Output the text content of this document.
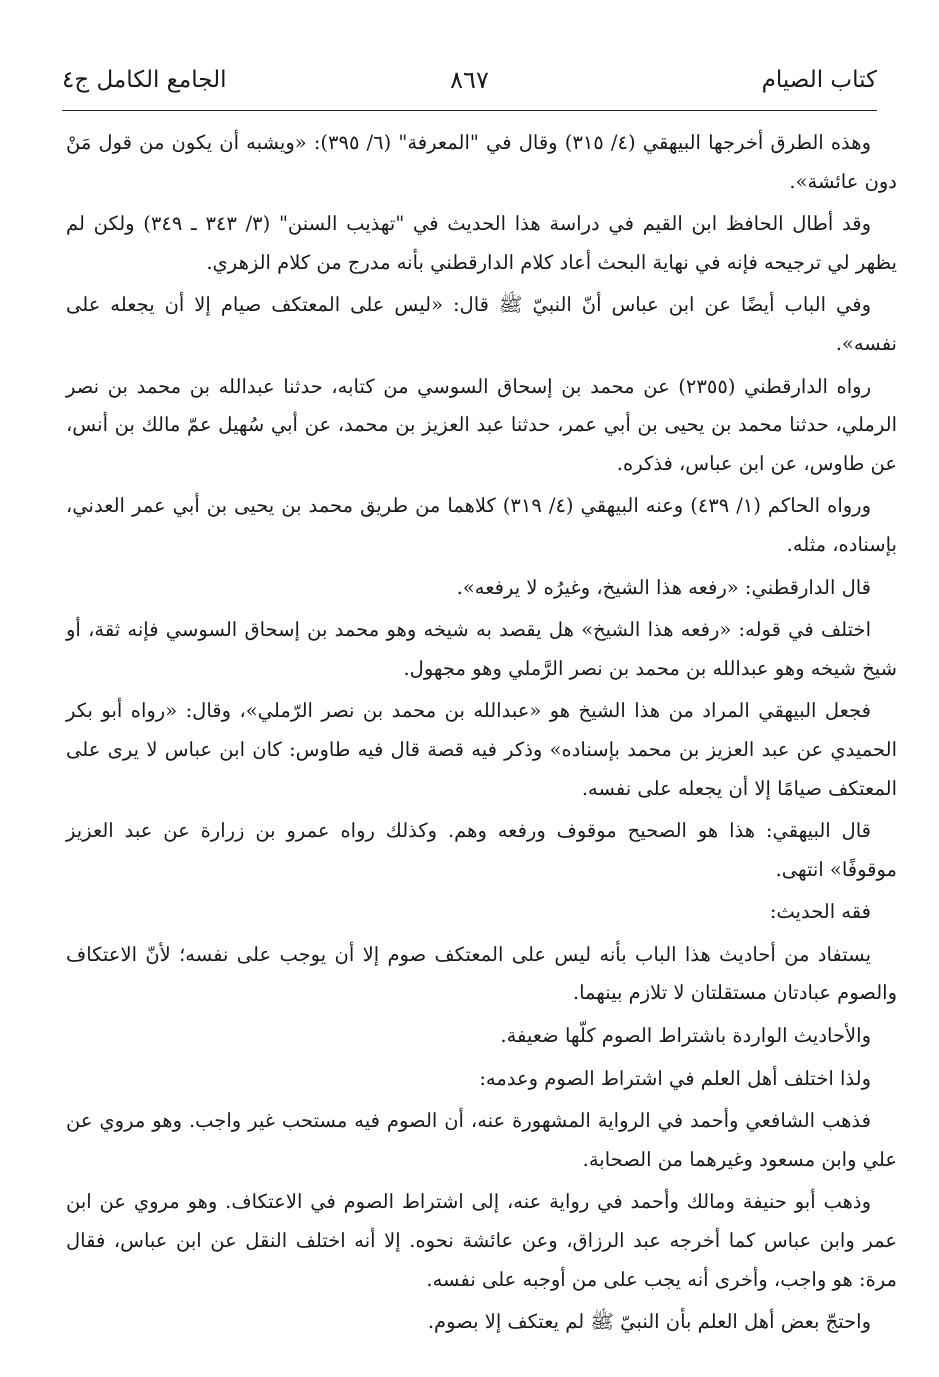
كتاب الصيام
٨٦٧
الجامع الكامل ج٤

وهذه الطرق أخرجها البيهقي (٤/ ٣١٥) وقال في "المعرفة" (٦/ ٣٩٥): «ويشبه أن يكون من قول مَنْ دون عائشة».

وقد أطال الحافظ ابن القيم في دراسة هذا الحديث في "تهذيب السنن" (٣/ ٣٤٣ ـ ٣٤٩) ولكن لم يظهر لي ترجيحه فإنه في نهاية البحث أعاد كلام الدارقطني بأنه مدرج من كلام الزهري.

وفي الباب أيضًا عن ابن عباس أنّ النبيّ ﷺ قال: «ليس على المعتكف صيام إلا أن يجعله على نفسه».

رواه الدارقطني (٢٣٥٥) عن محمد بن إسحاق السوسي من كتابه، حدثنا عبدالله بن محمد بن نصر الرملي، حدثنا محمد بن يحيى بن أبي عمر، حدثنا عبد العزيز بن محمد، عن أبي سُهيل عمّ مالك بن أنس، عن طاوس، عن ابن عباس، فذكره.

ورواه الحاكم (١/ ٤٣٩) وعنه البيهقي (٤/ ٣١٩) كلاهما من طريق محمد بن يحيى بن أبي عمر العدني، بإسناده، مثله.

قال الدارقطني: «رفعه هذا الشيخ، وغيرُه لا يرفعه».

اختلف في قوله: «رفعه هذا الشيخ» هل يقصد به شيخه وهو محمد بن إسحاق السوسي فإنه ثقة، أو شيخ شيخه وهو عبدالله بن محمد بن نصر الرَّملي وهو مجهول.

فجعل البيهقي المراد من هذا الشيخ هو «عبدالله بن محمد بن نصر الرّملي»، وقال: «رواه أبو بكر الحميدي عن عبد العزيز بن محمد بإسناده» وذكر فيه قصة قال فيه طاوس: كان ابن عباس لا يرى على المعتكف صيامًا إلا أن يجعله على نفسه.

قال البيهقي: هذا هو الصحيح موقوف ورفعه وهم. وكذلك رواه عمرو بن زرارة عن عبد العزيز موقوفًا» انتهى.

فقه الحديث:

يستفاد من أحاديث هذا الباب بأنه ليس على المعتكف صوم إلا أن يوجب على نفسه؛ لأنّ الاعتكاف والصوم عبادتان مستقلتان لا تلازم بينهما.

والأحاديث الواردة باشتراط الصوم كلّها ضعيفة.

ولذا اختلف أهل العلم في اشتراط الصوم وعدمه:

فذهب الشافعي وأحمد في الرواية المشهورة عنه، أن الصوم فيه مستحب غير واجب. وهو مروي عن علي وابن مسعود وغيرهما من الصحابة.

وذهب أبو حنيفة ومالك وأحمد في رواية عنه، إلى اشتراط الصوم في الاعتكاف. وهو مروي عن ابن عمر وابن عباس كما أخرجه عبد الرزاق، وعن عائشة نحوه. إلا أنه اختلف النقل عن ابن عباس، فقال مرة: هو واجب، وأخرى أنه يجب على من أوجبه على نفسه.

واحتجّ بعض أهل العلم بأن النبيّ ﷺ لم يعتكف إلا بصوم.
